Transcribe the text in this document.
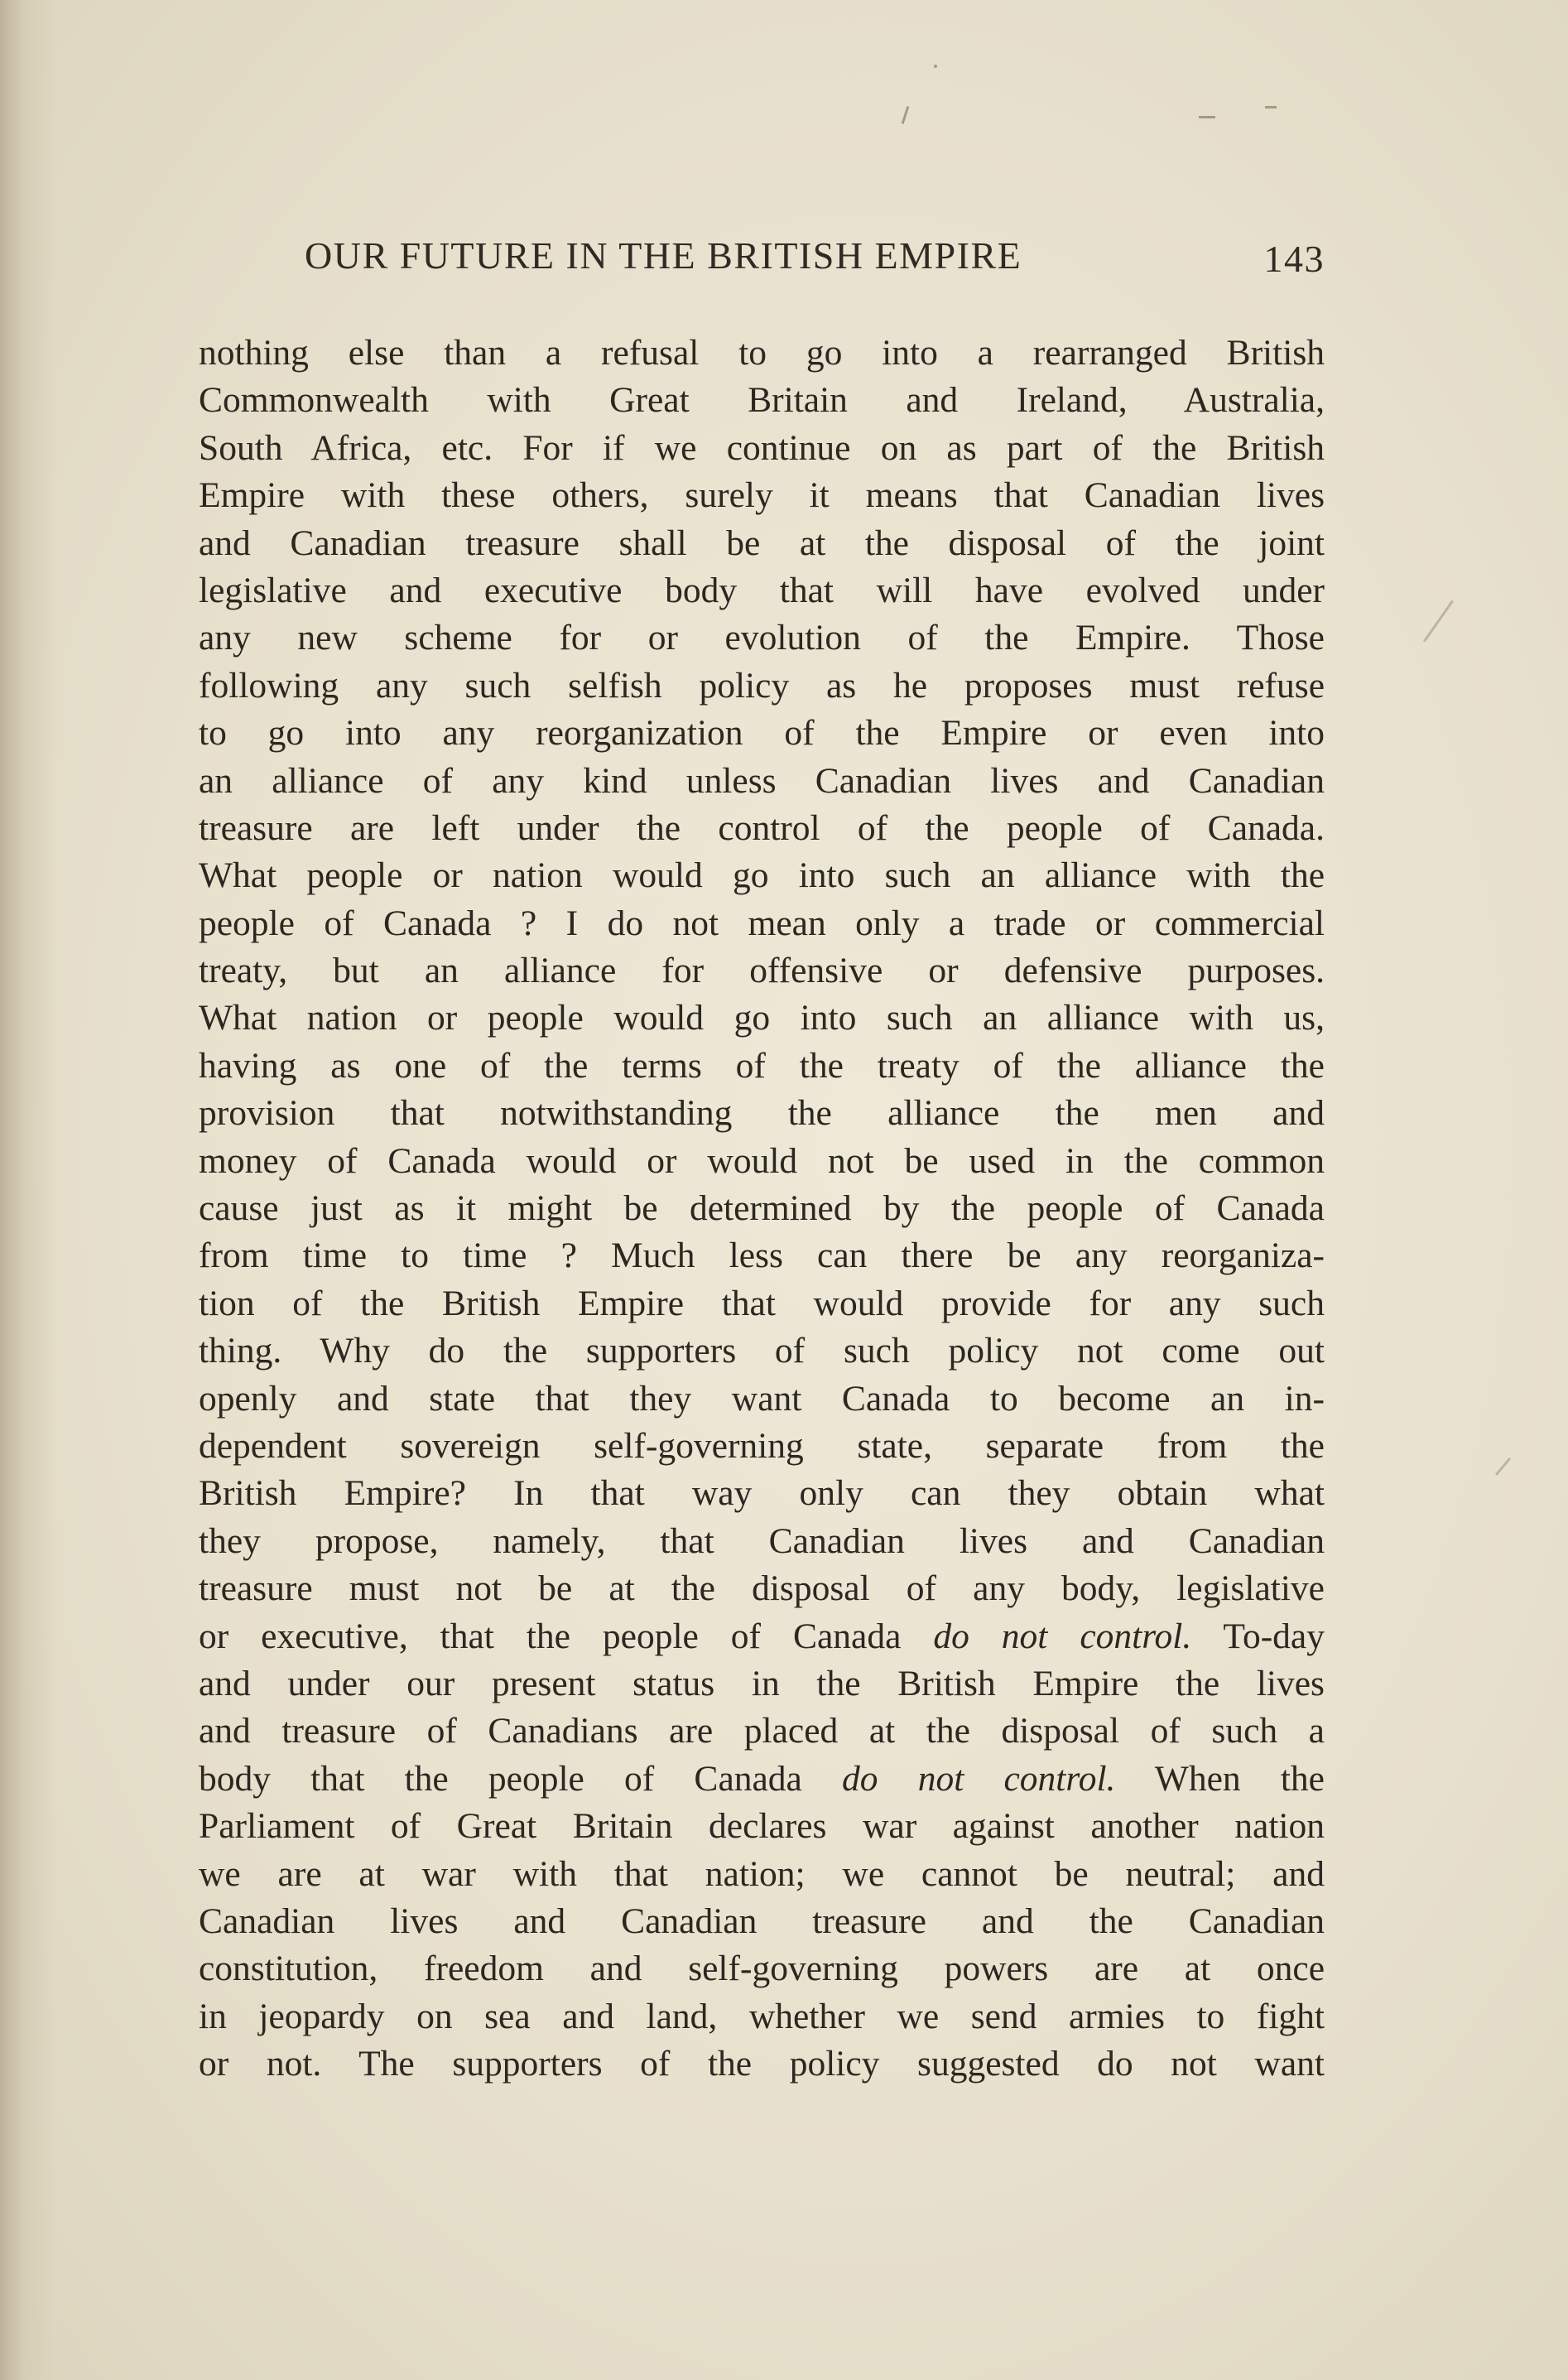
OUR FUTURE IN THE BRITISH EMPIRE	143
nothing else than a refusal to go into a rearranged British
Commonwealth with Great Britain and Ireland, Australia,
South Africa, etc. For if we continue on as part of the British
Empire with these others, surely it means that Canadian lives
and Canadian treasure shall be at the disposal of the joint
legislative and executive body that will have evolved under
any new scheme for or evolution of the Empire. Those
following any such selfish policy as he proposes must refuse
to go into any reorganization of the Empire or even into
an alliance of any kind unless Canadian lives and Canadian
treasure are left under the control of the people of Canada.
What people or nation would go into such an alliance with the
people of Canada ? I do not mean only a trade or commercial
treaty, but an alliance for offensive or defensive purposes.
What nation or people would go into such an alliance with us,
having as one of the terms of the treaty of the alliance the
provision that notwithstanding the alliance the men and
money of Canada would or would not be used in the common
cause just as it might be determined by the people of Canada
from time to time ? Much less can there be any reorganiza-
tion of the British Empire that would provide for any such
thing. Why do the supporters of such policy not come out
openly and state that they want Canada to become an in-
dependent sovereign self-governing state, separate from the
British Empire? In that way only can they obtain what
they propose, namely, that Canadian lives and Canadian
treasure must not be at the disposal of any body, legislative
or executive, that the people of Canada do not control. To-day
and under our present status in the British Empire the lives
and treasure of Canadians are placed at the disposal of such a
body that the people of Canada do not control. When the
Parliament of Great Britain declares war against another nation
we are at war with that nation; we cannot be neutral; and
Canadian lives and Canadian treasure and the Canadian
constitution, freedom and self-governing powers are at once
in jeopardy on sea and land, whether we send armies to fight
or not. The supporters of the policy suggested do not want
